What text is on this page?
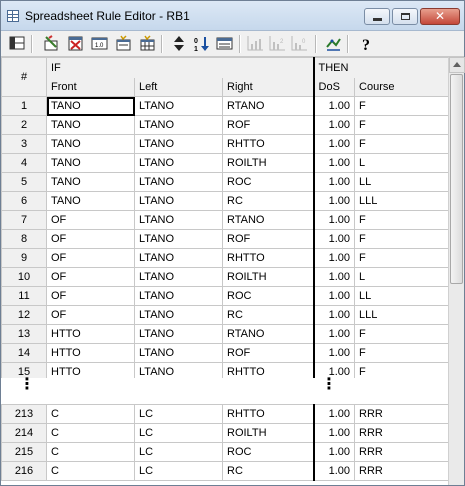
Spreadsheet Rule Editor - RB1	✕
1.0
0
1
2	0	?
#	IF			THEN	
	Front	Left	Right	DoS	Course
1	TANO	LTANO	RTANO	1.00	F
2	TANO	LTANO	ROF	1.00	F
3	TANO	LTANO	RHTTO	1.00	F
4	TANO	LTANO	ROILTH	1.00	L
5	TANO	LTANO	ROC	1.00	LL
6	TANO	LTANO	RC	1.00	LLL
7	OF	LTANO	RTANO	1.00	F
8	OF	LTANO	ROF	1.00	F
9	OF	LTANO	RHTTO	1.00	F
10	OF	LTANO	ROILTH	1.00	L
11	OF	LTANO	ROC	1.00	LL
12	OF	LTANO	RC	1.00	LLL
13	HTTO	LTANO	RTANO	1.00	F
14	HTTO	LTANO	ROF	1.00	F
15	HTTO	LTANO	RHTTO	1.00	F
⋮	⋮
213	C	LC	RHTTO	1.00	RRR
214	C	LC	ROILTH	1.00	RRR
215	C	LC	ROC	1.00	RRR
216	C	LC	RC	1.00	RRR
